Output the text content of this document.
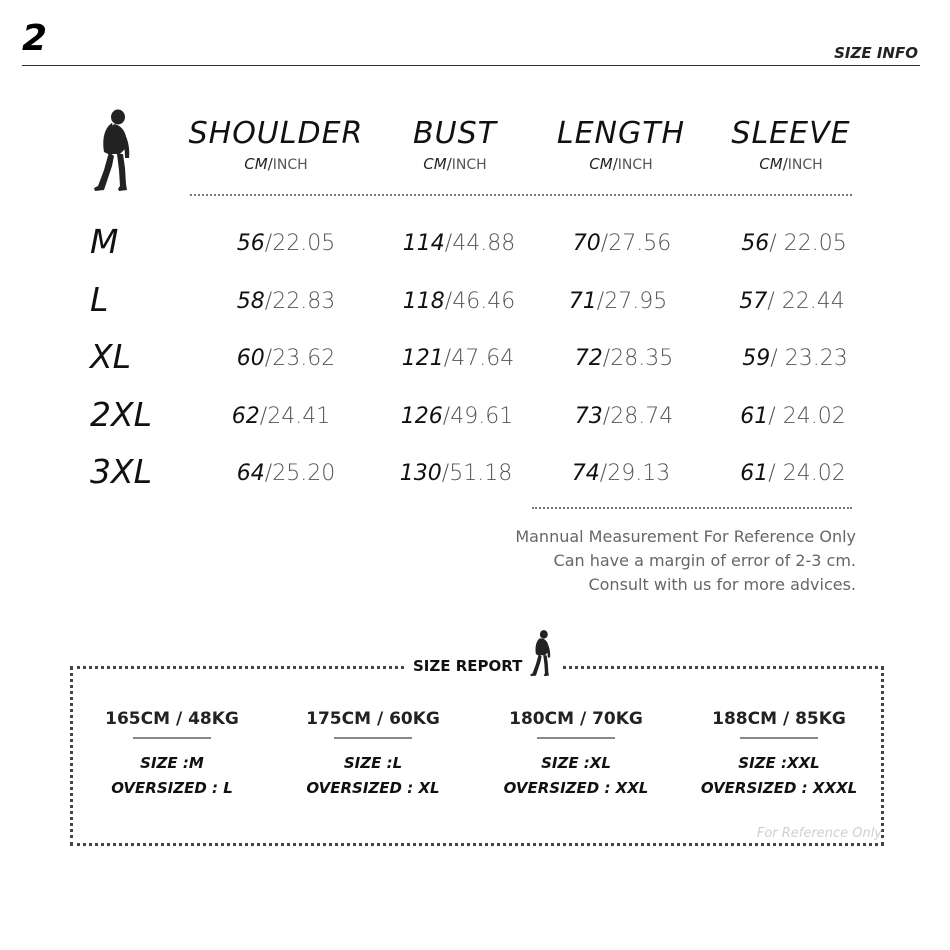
2	SIZE INFO
SHOULDER
CM/INCH
BUST
CM/INCH
LENGTH
CM/INCH
SLEEVE
CM/INCH
M	56/22.05	114/44.88	70/27.56	56/ 22.05
L	58/22.83	118/46.46	71/27.95	57/ 22.44
XL	60/23.62	121/47.64	72/28.35	59/ 23.23
2XL	62/24.41	126/49.61	73/28.74	61/ 24.02
3XL	64/25.20	130/51.18	74/29.13	61/ 24.02
Mannual Measurement For Reference Only
Can have a margin of error of 2-3 cm.
Consult with us for more advices.
SIZE REPORT
165CM / 48KG
SIZE :M
OVERSIZED : L
175CM / 60KG
SIZE :L
OVERSIZED : XL
180CM / 70KG
SIZE :XL
OVERSIZED : XXL
188CM / 85KG
SIZE :XXL
OVERSIZED : XXXL
For Reference Only
